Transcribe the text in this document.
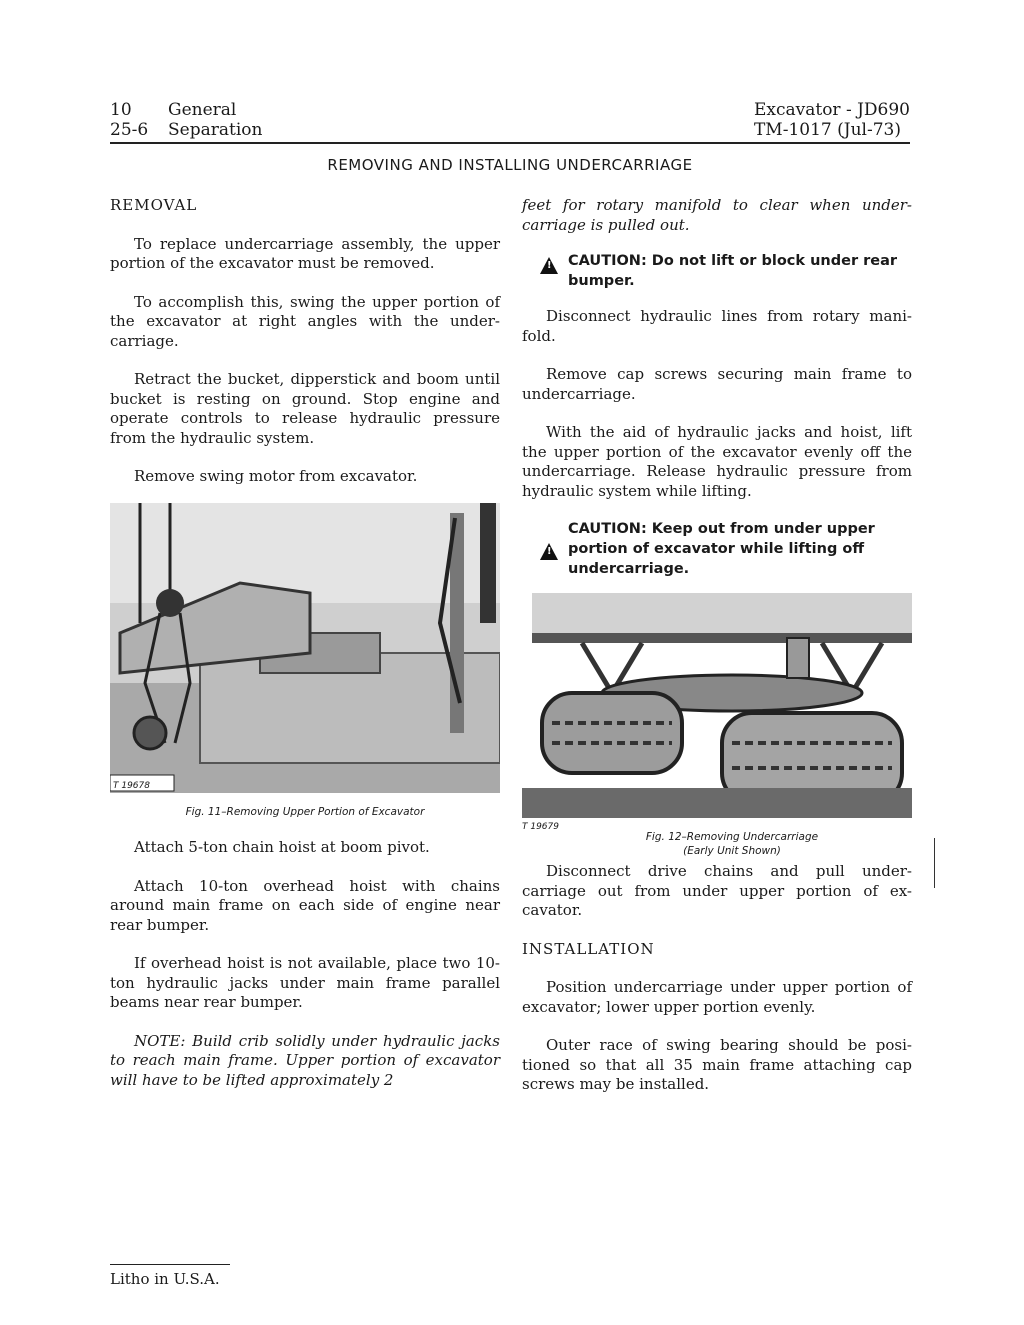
10 General
25-6 Separation
Excavator - JD690
TM-1017 (Jul-73)
REMOVING AND INSTALLING UNDERCARRIAGE

REMOVAL

To replace undercarriage assembly, the upper portion of the excavator must be removed.

To accomplish this, swing the upper portion of the excavator at right angles with the under-carriage.

Retract the bucket, dipperstick and boom until bucket is resting on ground. Stop engine and operate controls to release hydraulic pressure from the hydraulic system.

Remove swing motor from excavator.

T 19678

Fig. 11–Removing Upper Portion of Excavator

Attach 5-ton chain hoist at boom pivot.

Attach 10-ton overhead hoist with chains around main frame on each side of engine near rear bumper.

If overhead hoist is not available, place two 10-ton hydraulic jacks under main frame parallel beams near rear bumper.

NOTE: Build crib solidly under hydraulic jacks to reach main frame. Upper portion of excavator will have to be lifted approximately 2

feet for rotary manifold to clear when under-carriage is pulled out.

!
CAUTION: Do not lift or block under rear bumper.

Disconnect hydraulic lines from rotary mani-fold.

Remove cap screws securing main frame to undercarriage.

With the aid of hydraulic jacks and hoist, lift the upper portion of the excavator evenly off the undercarriage. Release hydraulic pressure from hydraulic system while lifting.

!
CAUTION: Keep out from under upper portion of excavator while lifting off undercarriage.
T 19679
Fig. 12–Removing Undercarriage
(Early Unit Shown)

Disconnect drive chains and pull under-carriage out from under upper portion of ex-cavator.

INSTALLATION

Position undercarriage under upper portion of excavator; lower upper portion evenly.

Outer race of swing bearing should be posi-tioned so that all 35 main frame attaching cap screws may be installed.

Litho in U.S.A.
